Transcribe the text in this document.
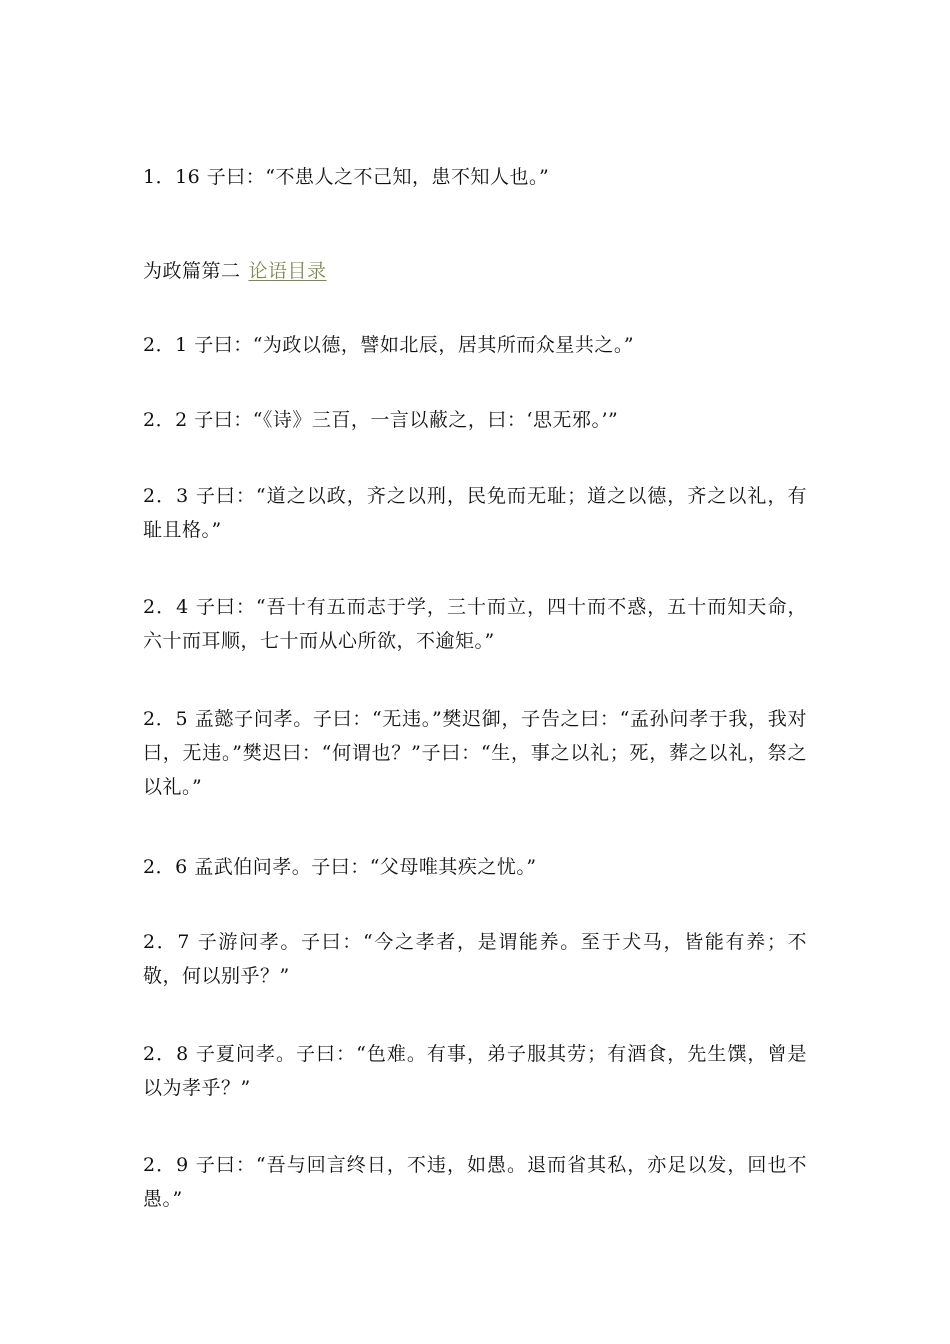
1．16 子曰：“不患人之不己知，患不知人也。”

为政篇第二 论语目录

2．1 子曰：“为政以德，譬如北辰，居其所而众星共之。”

2．2 子曰：“《诗》三百，一言以蔽之，曰：‘思无邪。’”

2．3 子曰：“道之以政，齐之以刑，民免而无耻；道之以德，齐之以礼，有耻且格。”

2．4 子曰：“吾十有五而志于学，三十而立，四十而不惑，五十而知天命，六十而耳顺，七十而从心所欲，不逾矩。”

2．5 孟懿子问孝。子曰：“无违。”樊迟御，子告之曰：“孟孙问孝于我，我对曰，无违。”樊迟曰：“何谓也？”子曰：“生，事之以礼；死，葬之以礼，祭之以礼。”

2．6 孟武伯问孝。子曰：“父母唯其疾之忧。”

2．7 子游问孝。子曰：“今之孝者，是谓能养。至于犬马，皆能有养；不敬，何以别乎？”

2．8 子夏问孝。子曰：“色难。有事，弟子服其劳；有酒食，先生馔，曾是以为孝乎？”

2．9 子曰：“吾与回言终日，不违，如愚。退而省其私，亦足以发，回也不愚。”
